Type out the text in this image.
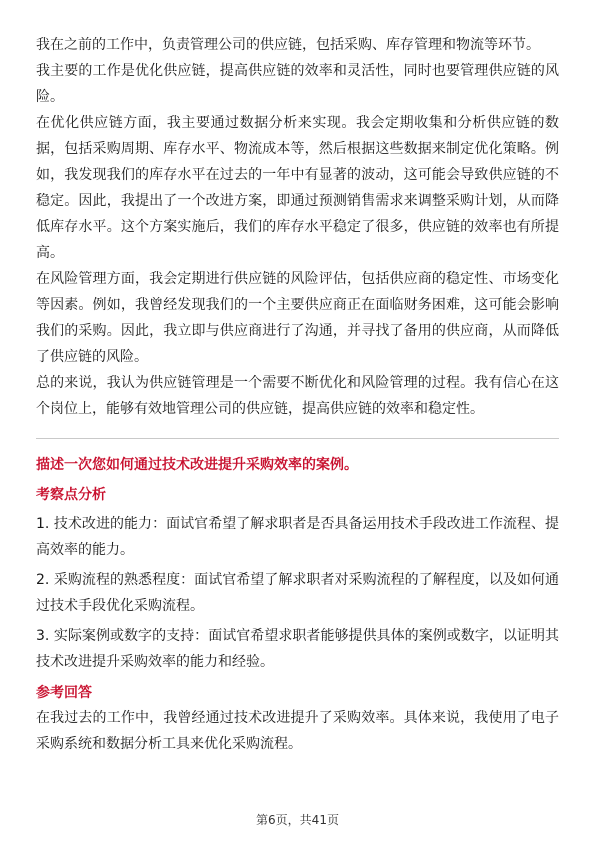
我在之前的工作中，负责管理公司的供应链，包括采购、库存管理和物流等环节。

我主要的工作是优化供应链，提高供应链的效率和灵活性，同时也要管理供应链的风险。

在优化供应链方面，我主要通过数据分析来实现。我会定期收集和分析供应链的数据，包括采购周期、库存水平、物流成本等，然后根据这些数据来制定优化策略。例如，我发现我们的库存水平在过去的一年中有显著的波动，这可能会导致供应链的不稳定。因此，我提出了一个改进方案，即通过预测销售需求来调整采购计划，从而降低库存水平。这个方案实施后，我们的库存水平稳定了很多，供应链的效率也有所提高。

在风险管理方面，我会定期进行供应链的风险评估，包括供应商的稳定性、市场变化等因素。例如，我曾经发现我们的一个主要供应商正在面临财务困难，这可能会影响我们的采购。因此，我立即与供应商进行了沟通，并寻找了备用的供应商，从而降低了供应链的风险。

总的来说，我认为供应链管理是一个需要不断优化和风险管理的过程。我有信心在这个岗位上，能够有效地管理公司的供应链，提高供应链的效率和稳定性。

描述一次您如何通过技术改进提升采购效率的案例。

考察点分析

1. 技术改进的能力：面试官希望了解求职者是否具备运用技术手段改进工作流程、提高效率的能力。

2. 采购流程的熟悉程度：面试官希望了解求职者对采购流程的了解程度，以及如何通过技术手段优化采购流程。

3. 实际案例或数字的支持：面试官希望求职者能够提供具体的案例或数字，以证明其技术改进提升采购效率的能力和经验。

参考回答

在我过去的工作中，我曾经通过技术改进提升了采购效率。具体来说，我使用了电子采购系统和数据分析工具来优化采购流程。

第6页，共41页
